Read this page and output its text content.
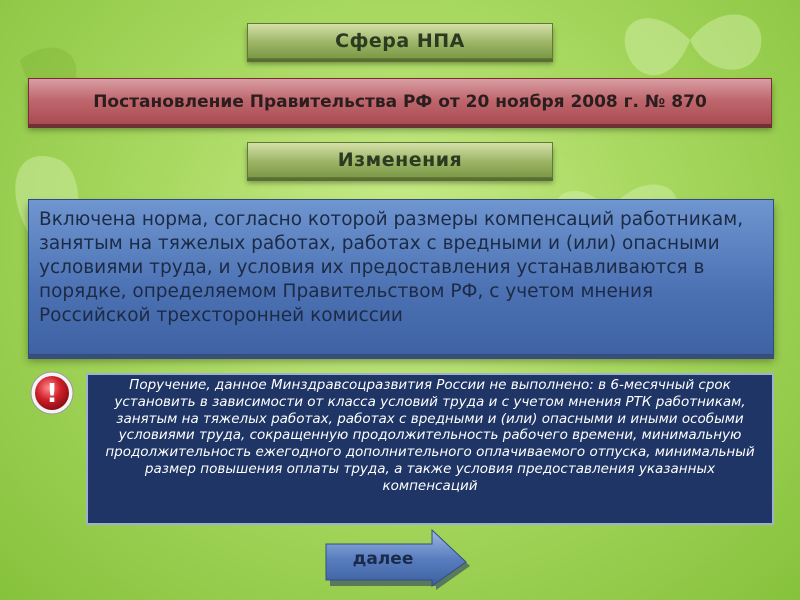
Сфера НПА
Постановление Правительства РФ от 20 ноября 2008 г. № 870
Изменения
Включена норма, согласно которой размеры компенсаций работникам, занятым на тяжелых работах, работах с вредными и (или) опасными условиями труда, и условия их предоставления устанавливаются в порядке, определяемом Правительством РФ, с учетом мнения Российской трехсторонней комиссии
!	Поручение, данное Минздравсоцразвития России не выполнено: в 6-месячный срок установить в зависимости от класса условий труда и с учетом мнения РТК работникам, занятым на тяжелых работах, работах с вредными и (или) опасными и иными особыми условиями труда, сокращенную продолжительность рабочего времени, минимальную продолжительность ежегодного дополнительного оплачиваемого отпуска, минимальный размер повышения оплаты труда, а также условия предоставления указанных компенсаций
далее
